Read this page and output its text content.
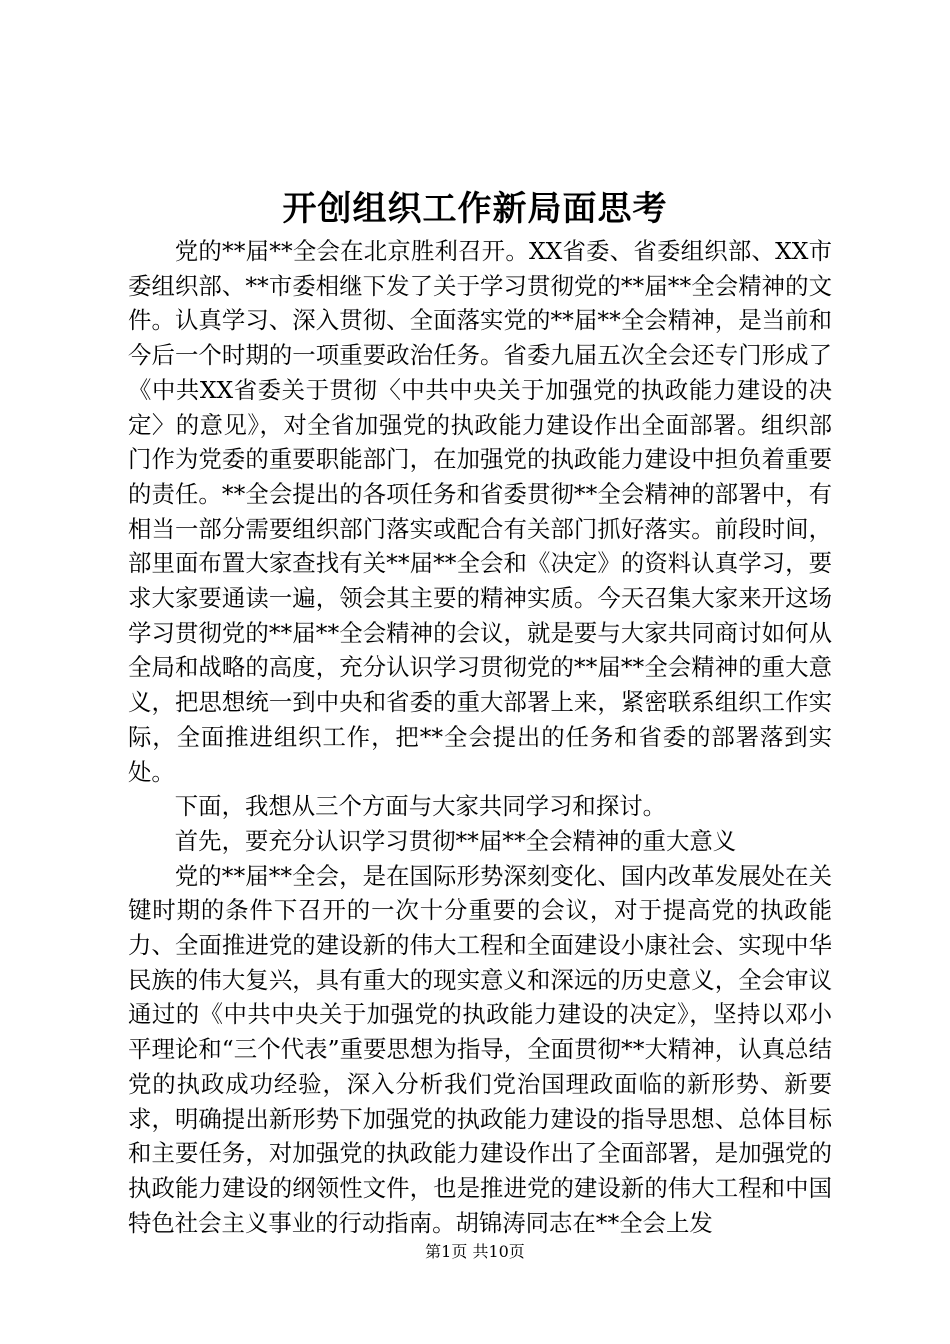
开创组织工作新局面思考

党的**届**全会在北京胜利召开。XX省委、省委组织部、XX市委组织部、**市委相继下发了关于学习贯彻党的**届**全会精神的文件。认真学习、深入贯彻、全面落实党的**届**全会精神，是当前和今后一个时期的一项重要政治任务。省委九届五次全会还专门形成了《中共XX省委关于贯彻〈中共中央关于加强党的执政能力建设的决定〉的意见》，对全省加强党的执政能力建设作出全面部署。组织部门作为党委的重要职能部门，在加强党的执政能力建设中担负着重要的责任。**全会提出的各项任务和省委贯彻**全会精神的部署中，有相当一部分需要组织部门落实或配合有关部门抓好落实。前段时间，部里面布置大家查找有关**届**全会和《决定》的资料认真学习，要求大家要通读一遍，领会其主要的精神实质。今天召集大家来开这场学习贯彻党的**届**全会精神的会议，就是要与大家共同商讨如何从全局和战略的高度，充分认识学习贯彻党的**届**全会精神的重大意义，把思想统一到中央和省委的重大部署上来，紧密联系组织工作实际，全面推进组织工作，把**全会提出的任务和省委的部署落到实处。

下面，我想从三个方面与大家共同学习和探讨。

首先，要充分认识学习贯彻**届**全会精神的重大意义

党的**届**全会，是在国际形势深刻变化、国内改革发展处在关键时期的条件下召开的一次十分重要的会议，对于提高党的执政能力、全面推进党的建设新的伟大工程和全面建设小康社会、实现中华民族的伟大复兴，具有重大的现实意义和深远的历史意义，全会审议通过的《中共中央关于加强党的执政能力建设的决定》，坚持以邓小平理论和“三个代表”重要思想为指导，全面贯彻**大精神，认真总结党的执政成功经验，深入分析我们党治国理政面临的新形势、新要求，明确提出新形势下加强党的执政能力建设的指导思想、总体目标和主要任务，对加强党的执政能力建设作出了全面部署，是加强党的执政能力建设的纲领性文件，也是推进党的建设新的伟大工程和中国特色社会主义事业的行动指南。胡锦涛同志在**全会上发

第1页 共10页
